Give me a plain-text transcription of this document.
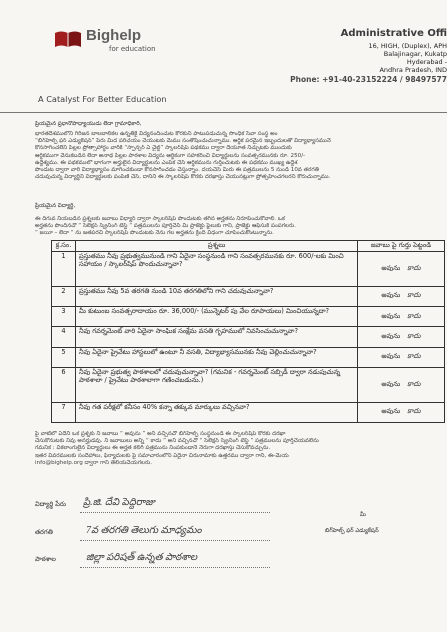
Bighelp
for education
A Catalyst For Better Education
Administrative Offi
16, HIGH, (Duplex), APH
Balajinagar, Kukatp
Hyderabad -
Andhra Pradesh, IND
Phone: +91-40-23152224 / 98497577
ప్రియమైన ప్రధానోపాధ్యాయుడు లేదా గ్రామాధికారి,
భారతదేశములోని గిరిజన బాలబాలికల ఉన్నతికై విద్యనందించుట కొరకుని పాటుపడుచున్న సొంధిక సేవా సంస్థ అం
“బిగ్‌హెల్ప్ ఫర్ ఎడ్యుకేషన్” పేరు మీద పరిచయం చేయుటకు మేము సంతోషించుచున్నాము. ఆర్థిక పరమైన ఇబ్బందులతో విద్యాభ్యాసమునే
కొనసాగించలేని పిల్లల ప్రోత్సాహార్థం వారికి “స్పాన్సర్ ఏ చైల్డ్” స్కాలర్‌షిప్ పథకము ద్వారా దేయూత నిచ్చుటకు ముందుకు
ఆర్థికముగా వెనుకబడిన లేదా అనాథ పిల్లల పాఠశాల విద్యను ఆర్థికంగా సహకరించి విద్యార్థులను సంవత్సరమునకు రూ. 250/-
ఉద్దేశ్యము. ఈ పథకములో భాగంగా అర్హులైన విద్యార్థులను ఎంపిక చేసి ఆర్థికమును గుర్తించుటకు ఈ పథకము ముఖ్య ఉద్దేశ
పొందుట ద్వారా వారి విద్యాభ్యాసం మాగించకుండా కొనసాగించడం చేస్తున్నాం. దయచేసి మీరు ఈ పత్రములను 5 నుండి 10వ తరగతి
చదువుచున్న విద్యార్థిని విద్యార్థులకు పంపిణీ చేసి, దానిని ఈ స్కాలర్‌షిప్ కొరకు దరఖాస్తు చేయునట్లుగా ప్రోత్సహించగలరని కోరుచున్నాము.
ప్రియమైన విద్యార్థి,
ఈ దిగువ నీయబడిన ప్రశ్నలకు జవాబు విధ్యార్ ద్వారా స్కాలర్‌షిప్ పొందుటకు తగిన అర్హతను నిరూపించుకోవాలి. ఒక
అర్హతను పొందినచో “ సెలెక్షన్ స్క్రీనింగ్ టెస్ట్ “ పత్రములను పూర్తిచేసి మీ ప్రాజెక్టు ఫైలుకు గాని, ప్రాజెక్టు ఆఫీసుకి పంపగలరు.
“ జయీ – లేదా “ ను జతపరచి స్కాలర్‌షిప్ పొందుటకు నేను గల అర్హతను క్రింది విధంగా చూపించుకొంటున్నాను.
క్ర.సం.	ప్రశ్నలు	జవాబు పై గుర్తు పెట్టండి
1	ప్రస్తుతము నీవు ప్రభుత్వమునుండి గాని ఏదైనా సంస్థనుండి గాని సంవత్సరమునకు రూ. 600/-లకు మించి సహాయం / స్కాలర్‌షిప్ పొందుచున్నావా?	అవును కాదు
2	ప్రస్తుతము నీవు 5వ తరగతి నుండి 10వ తరగతిలోని గాని చదువుచున్నావా?	అవును కాదు
3	మీ కుటుంబ సంవత్సరాదాయం రూ. 36,000/- (మున్నెటర్ పు వేల రూపాయలు) మించియున్నదా?	అవును కాదు
4	నీవు గవర్నమెంట్ వారి ఏదైనా సాంఘిక సంక్షేమ వసతి గృహములో నివసించుచున్నావా?	అవును కాదు
5	నీవు ఏదైనా ప్రైవేటు హాస్టలులో ఉంటూ నీ వసతి, విద్యాభ్యాసమునకు నీవు చెల్లించుచున్నావా?	అవును కాదు
6	నీవు ఏదైనా ప్రభుత్వ పాఠశాలలో చదువుచున్నావా? (గమనిక - గవర్నమెంట్ సబ్సిడీ ద్వారా నడుపుచున్న పాఠశాలా / ప్రైవేటు పాఠశాలాగా గణించబడును.)	అవును కాదు
7	నీవు గత పరీక్షలో కనీసం 40% కన్నా తక్కువ మార్కులు వచ్చినవా?	అవును కాదు
పై వాటిలో ఏదేని ఒక ప్రశ్నకు నీ జవాబు “ అవును ” అని వచ్చినచో బిగ్‌హెల్ప్ సంస్థనుండి ఈ స్కాలర్‌షిప్ కొరకు దరఖా
చేసుకొనుటకు నీవు అనర్హుడవు. నీ జవాబులు అన్నీ “ కాదు ” అని వచ్చినచో “ సెలెక్షన్ స్క్రీనింగ్ టెస్ట్ ” పత్రములను పూర్తిచేయవలెను
గమనిక : వికలాంగులైన విద్యార్థులు ఈ అర్హత కలిగి పత్రమును నింపకుండానే నేరుగా దరఖాస్తు చేసుకోవచ్చును.
ఇతర వివరములకు సందేహాలు, ఫిర్యాదులకు పై సమాచారంలోని ఏదైనా చిరునామాకు ఉత్తరము ద్వారా గాని, ఈ-మెయ
info@bighelp.org ద్వారా గాని తెలియచేయగలరు.
విద్యార్థి పేరు ప్రి.జి. దేవి పెద్దిరాజు
తరగతి	7వ తరగతి తెలుగు మాధ్యమం
పాఠశాల	జిల్లా పరిషత్ ఉన్నత పాఠశాల
మీ
బిగ్‌హెల్ప్ ఫర్ ఎడ్యుకేషన్
